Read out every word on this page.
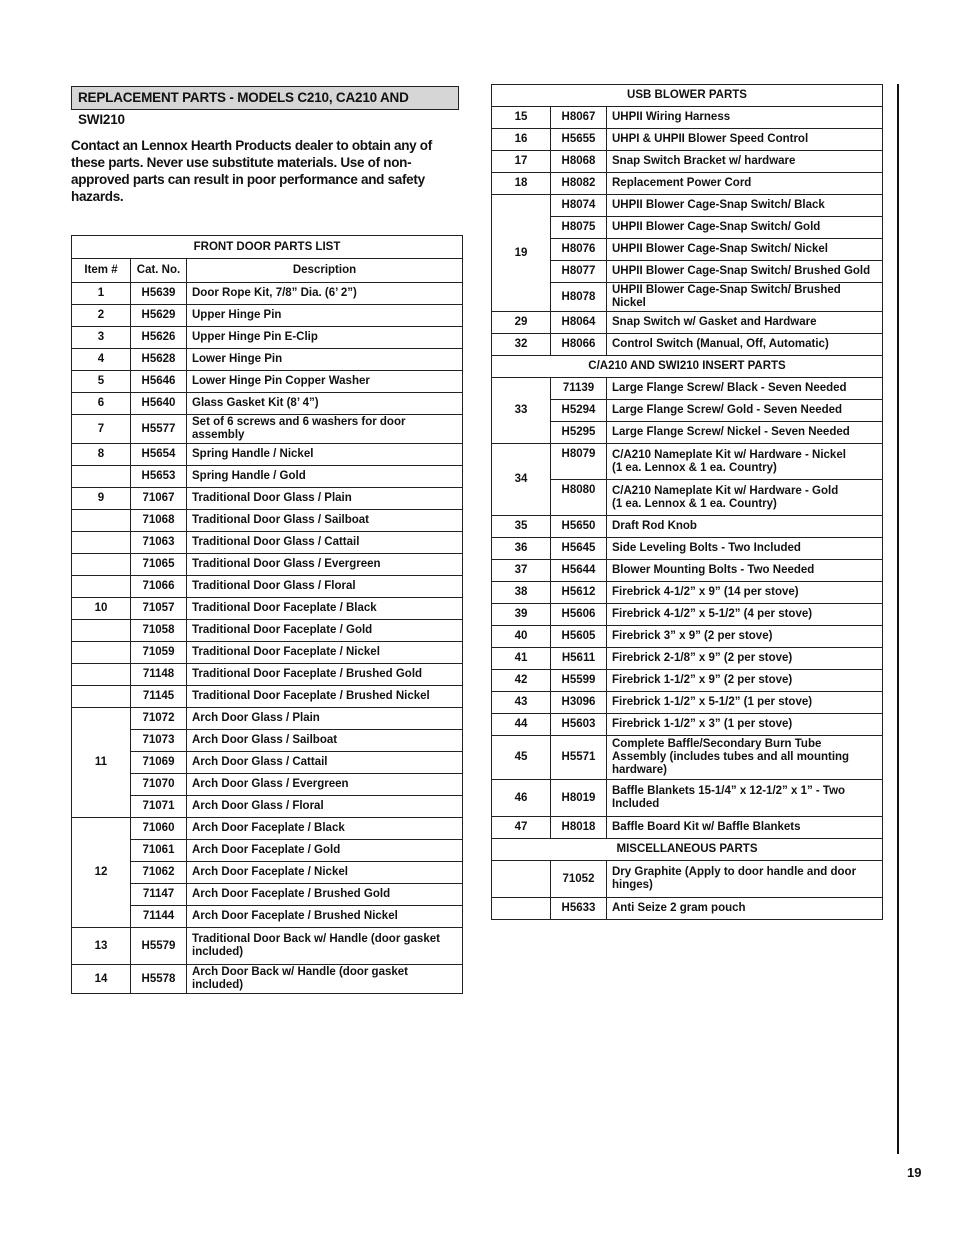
REPLACEMENT PARTS - MODELS C210, CA210 AND SWI210
Contact an Lennox Hearth Products dealer to obtain any of these parts. Never use substitute materials. Use of non-approved parts can result in poor performance and safety hazards.
FRONT DOOR PARTS LIST		
Item #	Cat. No.	Description
1	H5639	Door Rope Kit, 7/8” Dia. (6’ 2”)
2	H5629	Upper Hinge Pin
3	H5626	Upper Hinge Pin E-Clip
4	H5628	Lower Hinge Pin
5	H5646	Lower Hinge Pin Copper Washer
6	H5640	Glass Gasket Kit (8’ 4”)
7	H5577	Set of 6 screws and 6 washers for door assembly
8	H5654	Spring Handle / Nickel
	H5653	Spring Handle / Gold
9	71067	Traditional Door Glass / Plain
	71068	Traditional Door Glass / Sailboat
	71063	Traditional Door Glass / Cattail
	71065	Traditional Door Glass / Evergreen
	71066	Traditional Door Glass / Floral
10	71057	Traditional Door Faceplate / Black
	71058	Traditional Door Faceplate / Gold
	71059	Traditional Door Faceplate / Nickel
	71148	Traditional Door Faceplate / Brushed Gold
	71145	Traditional Door Faceplate / Brushed Nickel
11	71072	Arch Door Glass / Plain
	71073	Arch Door Glass / Sailboat
	71069	Arch Door Glass / Cattail
	71070	Arch Door Glass / Evergreen
	71071	Arch Door Glass / Floral
12	71060	Arch Door Faceplate / Black
	71061	Arch Door Faceplate / Gold
	71062	Arch Door Faceplate / Nickel
	71147	Arch Door Faceplate / Brushed Gold
	71144	Arch Door Faceplate / Brushed Nickel
13	H5579	Traditional Door Back w/ Handle (door gasket included)
14	H5578	Arch Door Back w/ Handle (door gasket included)
USB BLOWER PARTS		
15	H8067	UHPII Wiring Harness
16	H5655	UHPI & UHPII Blower Speed Control
17	H8068	Snap Switch Bracket w/ hardware
18	H8082	Replacement Power Cord
19	H8074	UHPII Blower Cage-Snap Switch/ Black
	H8075	UHPII Blower Cage-Snap Switch/ Gold
	H8076	UHPII Blower Cage-Snap Switch/ Nickel
	H8077	UHPII Blower Cage-Snap Switch/ Brushed Gold
	H8078	UHPII Blower Cage-Snap Switch/ Brushed Nickel
29	H8064	Snap Switch w/ Gasket and Hardware
32	H8066	Control Switch (Manual, Off, Automatic)
C/A210 AND SWI210 INSERT PARTS		
33	71139	Large Flange Screw/ Black - Seven Needed
	H5294	Large Flange Screw/ Gold - Seven Needed
	H5295	Large Flange Screw/ Nickel - Seven Needed
34	H8079	C/A210 Nameplate Kit w/ Hardware - Nickel
(1 ea. Lennox & 1 ea. Country)

	H8080	C/A210 Nameplate Kit w/ Hardware - Gold
(1 ea. Lennox & 1 ea. Country)

35	H5650	Draft Rod Knob
36	H5645	Side Leveling Bolts - Two Included
37	H5644	Blower Mounting Bolts - Two Needed
38	H5612	Firebrick 4-1/2” x 9” (14 per stove)
39	H5606	Firebrick 4-1/2” x 5-1/2” (4 per stove)
40	H5605	Firebrick 3” x 9” (2 per stove)
41	H5611	Firebrick 2-1/8” x 9” (2 per stove)
42	H5599	Firebrick 1-1/2” x 9” (2 per stove)
43	H3096	Firebrick 1-1/2” x 5-1/2” (1 per stove)
44	H5603	Firebrick 1-1/2” x 3” (1 per stove)
45	H5571	Complete Baffle/Secondary Burn Tube Assembly (includes tubes and all mounting hardware)
46	H8019	Baffle Blankets 15-1/4” x 12-1/2” x 1” - Two Included
47	H8018	Baffle Board Kit w/ Baffle Blankets
MISCELLANEOUS PARTS		
	71052	Dry Graphite (Apply to door handle and door hinges)
	H5633	Anti Seize 2 gram pouch
19
